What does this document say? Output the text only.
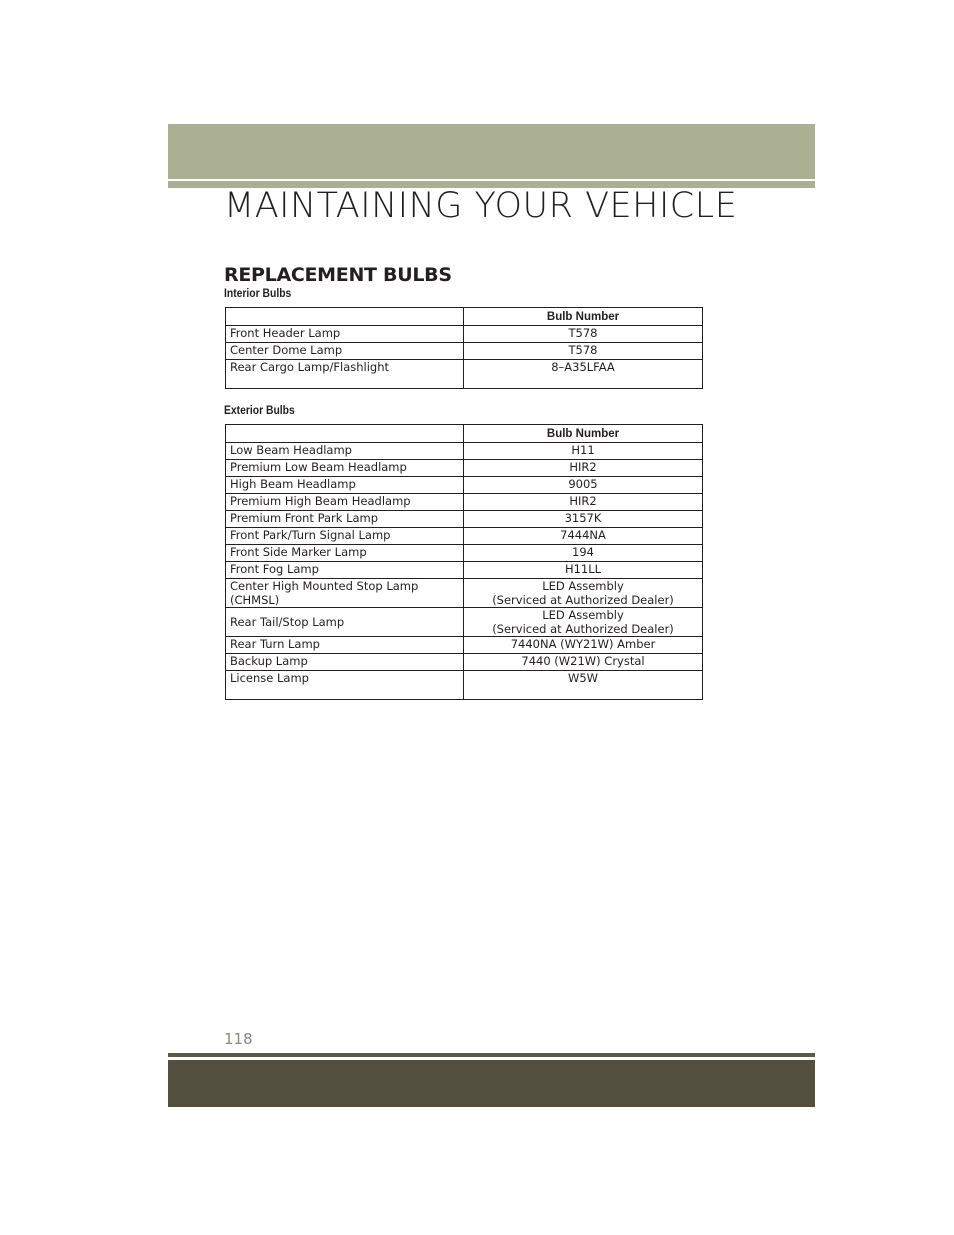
MAINTAINING YOUR VEHICLE
REPLACEMENT BULBS
Interior Bulbs
	Bulb Number
Front Header Lamp	T578
Center Dome Lamp	T578
Rear Cargo Lamp/Flashlight	8–A35LFAA
Exterior Bulbs
	Bulb Number
Low Beam Headlamp	H11
Premium Low Beam Headlamp	HIR2
High Beam Headlamp	9005
Premium High Beam Headlamp	HIR2
Premium Front Park Lamp	3157K
Front Park/Turn Signal Lamp	7444NA
Front Side Marker Lamp	194
Front Fog Lamp	H11LL
Center High Mounted Stop Lamp (CHMSL)	LED Assembly
(Serviced at Authorized Dealer)

Rear Tail/Stop Lamp	LED Assembly
(Serviced at Authorized Dealer)

Rear Turn Lamp	7440NA (WY21W) Amber
Backup Lamp	7440 (W21W) Crystal
License Lamp	W5W
118
